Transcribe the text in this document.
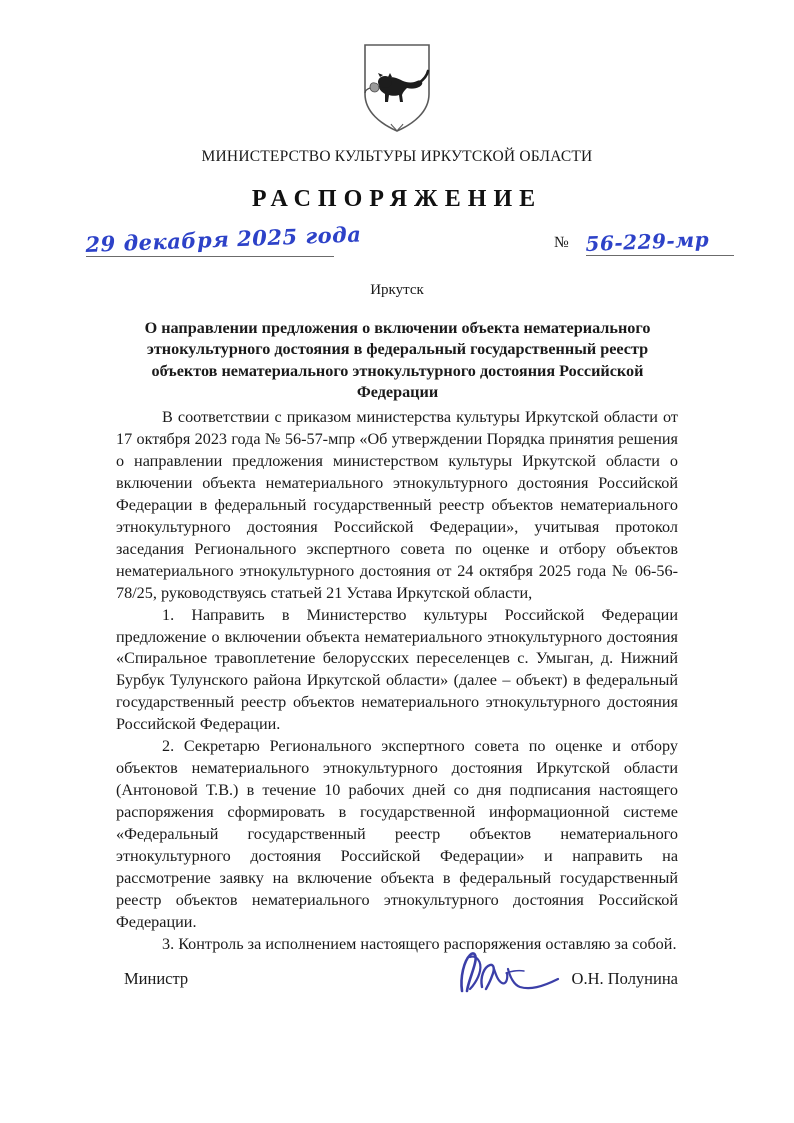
МИНИСТЕРСТВО КУЛЬТУРЫ ИРКУТСКОЙ ОБЛАСТИ
РАСПОРЯЖЕНИЕ
29 декабря 2025 года	№ 56-229-мр
Иркутск
О направлении предложения о включении объекта нематериального этнокультурного достояния в федеральный государственный реестр объектов нематериального этнокультурного достояния Российской Федерации

В соответствии с приказом министерства культуры Иркутской области от 17 октября 2023 года № 56-57-мпр «Об утверждении Порядка принятия решения о направлении предложения министерством культуры Иркутской области о включении объекта нематериального этнокультурного достояния Российской Федерации в федеральный государственный реестр объектов нематериального этнокультурного достояния Российской Федерации», учитывая протокол заседания Регионального экспертного совета по оценке и отбору объектов нематериального этнокультурного достояния от 24 октября 2025 года № 06-56-78/25, руководствуясь статьей 21 Устава Иркутской области,

1. Направить в Министерство культуры Российской Федерации предложение о включении объекта нематериального этнокультурного достояния «Спиральное травоплетение белорусских переселенцев с. Умыган, д. Нижний Бурбук Тулунского района Иркутской области» (далее – объект) в федеральный государственный реестр объектов нематериального этнокультурного достояния Российской Федерации.

2. Секретарю Регионального экспертного совета по оценке и отбору объектов нематериального этнокультурного достояния Иркутской области (Антоновой Т.В.) в течение 10 рабочих дней со дня подписания настоящего распоряжения сформировать в государственной информационной системе «Федеральный государственный реестр объектов нематериального этнокультурного достояния Российской Федерации» и направить на рассмотрение заявку на включение объекта в федеральный государственный реестр объектов нематериального этнокультурного достояния Российской Федерации.

3. Контроль за исполнением настоящего распоряжения оставляю за собой.

Министр	О.Н. Полунина
